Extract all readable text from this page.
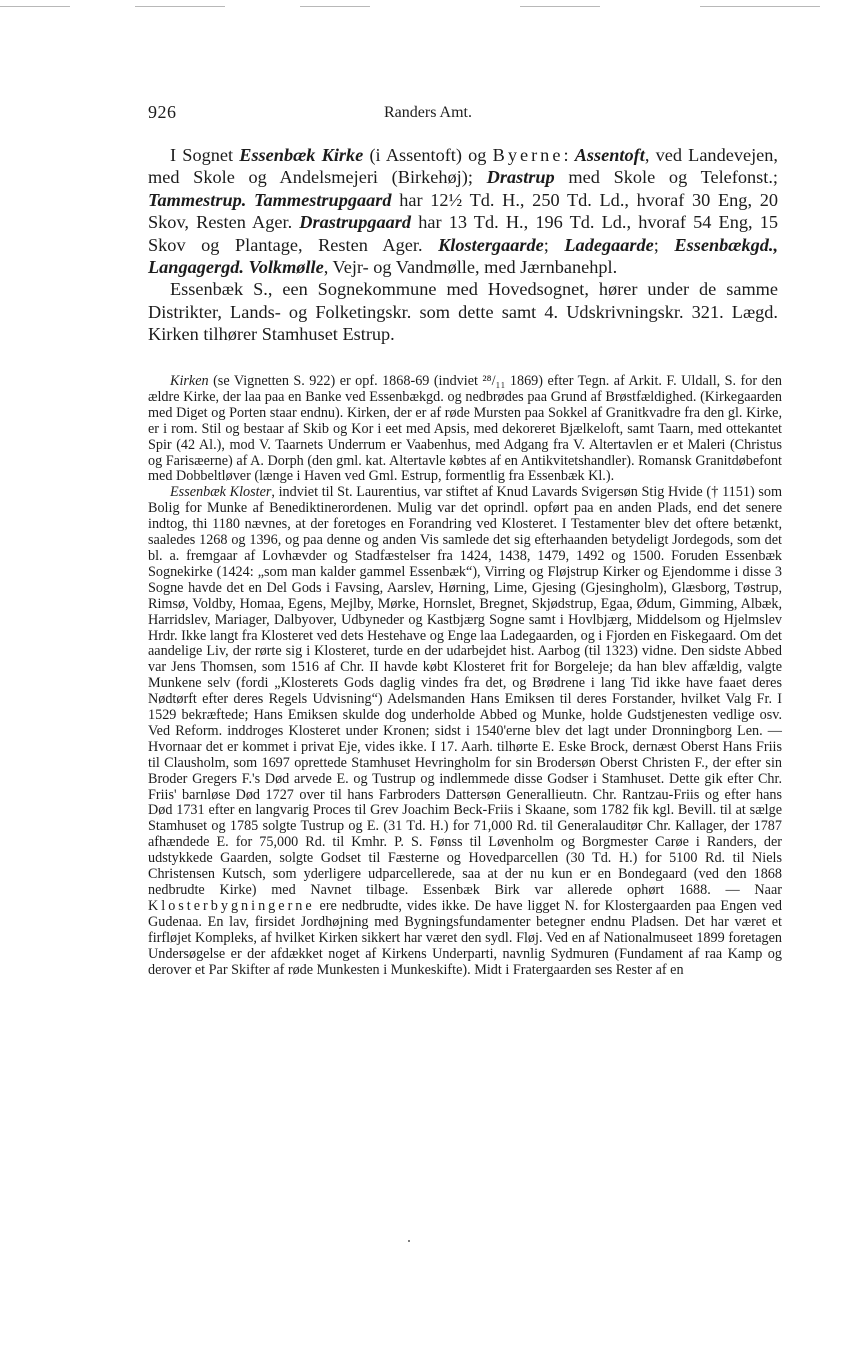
926	Randers Amt.

I Sognet Essenbæk Kirke (i Assentoft) og Byerne: Assentoft, ved Landevejen, med Skole og Andelsmejeri (Birkehøj); Drastrup med Skole og Telefonst.; Tammestrup. Tammestrupgaard har 12½ Td. H., 250 Td. Ld., hvoraf 30 Eng, 20 Skov, Resten Ager. Drastrupgaard har 13 Td. H., 196 Td. Ld., hvoraf 54 Eng, 15 Skov og Plantage, Resten Ager. Klostergaarde; Ladegaarde; Essenbækgd., Langagergd. Volkmølle, Vejr- og Vandmølle, med Jærnbanehpl.

Essenbæk S., een Sognekommune med Hovedsognet, hører under de samme Distrikter, Lands- og Folketingskr. som dette samt 4. Udskrivningskr. 321. Lægd. Kirken tilhører Stamhuset Estrup.

Kirken (se Vignetten S. 922) er opf. 1868-69 (indviet ²⁸/₁₁ 1869) efter Tegn. af Arkit. F. Uldall, S. for den ældre Kirke, der laa paa en Banke ved Essenbækgd. og nedbrødes paa Grund af Brøstfældighed. (Kirkegaarden med Diget og Porten staar endnu). Kirken, der er af røde Mursten paa Sokkel af Granitkvadre fra den gl. Kirke, er i rom. Stil og bestaar af Skib og Kor i eet med Apsis, med dekoreret Bjælkeloft, samt Taarn, med ottekantet Spir (42 Al.), mod V. Taarnets Underrum er Vaabenhus, med Adgang fra V. Altertavlen er et Maleri (Christus og Farisæerne) af A. Dorph (den gml. kat. Altertavle købtes af en Antikvitetshandler). Romansk Granitdøbefont med Dobbeltløver (længe i Haven ved Gml. Estrup, formentlig fra Essenbæk Kl.).

Essenbæk Kloster, indviet til St. Laurentius, var stiftet af Knud Lavards Svigersøn Stig Hvide († 1151) som Bolig for Munke af Benediktinerordenen. Mulig var det oprindl. opført paa en anden Plads, end det senere indtog, thi 1180 nævnes, at der foretoges en Forandring ved Klosteret. I Testamenter blev det oftere betænkt, saaledes 1268 og 1396, og paa denne og anden Vis samlede det sig efterhaanden betydeligt Jordegods, som det bl. a. fremgaar af Lovhævder og Stadfæstelser fra 1424, 1438, 1479, 1492 og 1500. Foruden Essenbæk Sognekirke (1424: „som man kalder gammel Essenbæk“), Virring og Fløjstrup Kirker og Ejendomme i disse 3 Sogne havde det en Del Gods i Favsing, Aarslev, Hørning, Lime, Gjesing (Gjesingholm), Glæsborg, Tøstrup, Rimsø, Voldby, Homaa, Egens, Mejlby, Mørke, Hornslet, Bregnet, Skjødstrup, Egaa, Ødum, Gimming, Albæk, Harridslev, Mariager, Dalbyover, Udbyneder og Kastbjærg Sogne samt i Hovlbjærg, Middelsom og Hjelmslev Hrdr. Ikke langt fra Klosteret ved dets Hestehave og Enge laa Ladegaarden, og i Fjorden en Fiskegaard. Om det aandelige Liv, der rørte sig i Klosteret, turde en der udarbejdet hist. Aarbog (til 1323) vidne. Den sidste Abbed var Jens Thomsen, som 1516 af Chr. II havde købt Klosteret frit for Borgeleje; da han blev affældig, valgte Munkene selv (fordi „Klosterets Gods daglig vindes fra det, og Brødrene i lang Tid ikke have faaet deres Nødtørft efter deres Regels Udvisning“) Adelsmanden Hans Emiksen til deres Forstander, hvilket Valg Fr. I 1529 bekræftede; Hans Emiksen skulde dog underholde Abbed og Munke, holde Gudstjenesten vedlige osv. Ved Reform. inddroges Klosteret under Kronen; sidst i 1540'erne blev det lagt under Dronningborg Len. — Hvornaar det er kommet i privat Eje, vides ikke. I 17. Aarh. tilhørte E. Eske Brock, dernæst Oberst Hans Friis til Clausholm, som 1697 oprettede Stamhuset Hevringholm for sin Brodersøn Oberst Christen F., der efter sin Broder Gregers F.'s Død arvede E. og Tustrup og indlemmede disse Godser i Stamhuset. Dette gik efter Chr. Friis' barnløse Død 1727 over til hans Farbroders Dattersøn Generallieutn. Chr. Rantzau-Friis og efter hans Død 1731 efter en langvarig Proces til Grev Joachim Beck-Friis i Skaane, som 1782 fik kgl. Bevill. til at sælge Stamhuset og 1785 solgte Tustrup og E. (31 Td. H.) for 71,000 Rd. til Generalauditør Chr. Kallager, der 1787 afhændede E. for 75,000 Rd. til Kmhr. P. S. Fønss til Løvenholm og Borgmester Carøe i Randers, der udstykkede Gaarden, solgte Godset til Fæsterne og Hovedparcellen (30 Td. H.) for 5100 Rd. til Niels Christensen Kutsch, som yderligere udparcellerede, saa at der nu kun er en Bondegaard (ved den 1868 nedbrudte Kirke) med Navnet tilbage. Essenbæk Birk var allerede ophørt 1688. — Naar Klosterbygningerne ere nedbrudte, vides ikke. De have ligget N. for Klostergaarden paa Engen ved Gudenaa. En lav, firsidet Jordhøjning med Bygningsfundamenter betegner endnu Pladsen. Det har været et firfløjet Kompleks, af hvilket Kirken sikkert har været den sydl. Fløj. Ved en af Nationalmuseet 1899 foretagen Undersøgelse er der afdækket noget af Kirkens Underparti, navnlig Sydmuren (Fundament af raa Kamp og derover et Par Skifter af røde Munkesten i Munkeskifte). Midt i Fratergaarden ses Rester af en
